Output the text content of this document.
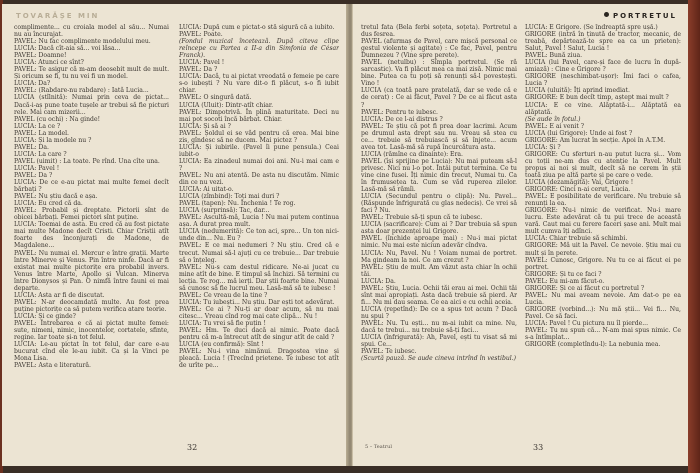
TOVARĂȘE MIN

complimente... cu croiala model al său... Numai nu au încurajat.

PAVEL: Nu fac complimente modelului meu.

LUCIA: Dacă cît-aia să... voi lăsa...

PAVEL: Doamne!

LUCIA: Atunci ce sînt?

PAVEL: Te asigur că m-am deosebit mult de mult. Și oricum se fi, tu nu vei fi un model.

LUCIA: Da?

PAVEL: (Rabdare-nu rabdare) : Iată Lucia...

LUCIA (stîlnită): Numai prin ceva de pictat... Dacă-i-aș pune toate tușele ar trebui să fie picturi rele. Mai cam mizerii...

PAVEL (cu ochi) : Na ginde!

LUCIA: La ce ?

PAVEL: La model.

LUCIA: Și la modele nu ?

PAVEL: Da.

LUCIA: La care ?

PAVEL (uimit) : La toate. Pe rînd. Una cîte una.

LUCIA: Pavel !

PAVEL: Da ?

LUCIA: De ce e-au pictat mai multe femei decît bărbați ?

PAVEL: Nu știu dacă e așa.

LUCIA: Eu cred că da.

PAVEL: Probabil și dreptate. Pictorii sînt de obicei bărbați. Femei pictori sînt puține.

LUCIA: Toemai de asta. Eu cred că au fost pictate mai multe Madone decît Cristi. Chiar Cristii atît foarte des înconjurați de Madone, de Magdalene...

PAVEL: Nu numai el. Mercur e între grații. Marte între Minerve și Venus. Pin între ninfe. Dacă ar fi existat mai multe pictorițe era probabil invers. Venus între Marte, Apollo și Vulcan. Minerva între Dionysos și Pan. O nimfă între fauni ei mai departe.

LUCIA: Asta ar fi de discutat.

PAVEL: N-ar deocamdată multe. Au fost prea puține pictorițe ca să putem verifica atare teorie.

LUCIA: Și ce ginde?

PAVEL: Întrebarea e că ai pictat multe femei: sute, nimeni, nimic, inocentelor, cortatele, sfinte, regine. Iar toate și-n tot felul.

LUCIA: Le-au pictat în tot felul, dar care e-au bucurat cînd ele le-au iubit. Ca și la Vinci pe Mona Lisa.

PAVEL: Asta e literatură.

LUCIA: După cum e pictat-o stă sigură că a iubito.

PAVEL: Poate.

(Fondul muzical încetează. După citeva clipe reîncepe cu Partea a II-a din Simfonia de César Franck).

LUCIA: Pavel !

PAVEL: Da ?

LUCIA: Dacă, tu ai pictat vreodată o femeie pe care s-o iubești ? Nu vare dit-o fi plăcut, s-o fi iubit chiar.

PAVEL: O singură dată.

LUCIA (Uluit): Dintr-atît chiar.

PAVEL: Dimpotrivă. În plină maturitate. Deci nu mai pot socoti încă bărbat. Chiar.

LUCIA: Și să ai ?

PAVEL: Șoldul ei se văd pentru că erea. Mai bine zis, gîndesc să ne ducem. Mai pictez ?

LUCIA: Și iubirile. (Pavel îi pune pensula.) Ceai iubit-o

LUCIA: Ea zinadeul numai doi ani. Nu-i mai cam e ?

PAVEL: Nu ani atentă. De asta nu discutăm. Nimic din ce nu vezi.

LUCIA: Ai uitat-o.

LUCIA (zîmbind): Toți mai duri ?

PAVEL (tapen): Nu. Închenia ! Te rog.

LUCIA (surprinsă): Tac, dar...

PAVEL: Ascultă-mă, Lucia ! Nu mai putem continua așa. A durat prea mult.

LUCIA (nedumerită): Ce ton aci, spre... Un ton nici-unde din... Nu. Eu ?

PAVEL: E ce mai nedumeri ? Nu știu. Cred că e trecut. Numai să-l ajuți cu ce trebuie... Dar trebuie să o înțeleg.

PAVEL: Nu-s cam destul ridicare. Ne-ai jucat cu mine atît de bine. E timpul să închizi. Să termini cu lecția. Te rog... mă ierți. Dar știi foarte bine. Numai să cunosc să fie lucrul meu. Lasă-mă să te iubesc !

PAVEL: Ce vreau de la tine ?

LUCIA: Tu iubești... Nu știu. Dar ești tot adevărat.

PAVEL: Ce ai ? Nu-ți ar doar acum, să nu mai citesc... Vreau cînd rog mai cate clipă... Nu !

LUCIA: Tu vrei să fie puțin !

PAVEL: Hm. Te duci dacă ai nimic. Poate dacă pentru că m-a întrecut atît de singur atît de cald ?

LUCIA (eu confirmă): Sînt !

PAVEL: Nu-i vina nimănui. Dragostea vine și pleacă. Lucia ! (Trecînd prietene. Te iubesc tot atît de urîte pe...

32
PORTRETUL

tretul fata (Bela ferbi soțeta, soțeta). Portretul a dus fesrea.

PAVEL (afurmaș de Pavel, care mișcă personal ce gestul violente și agitate) : Ce fac, Pavel, pentru Dumnezeu ? (Vine spre perete).

PAVEL (netulbu) : Sîmpla portretul. (Se ră sarcastic). Va fi plăcut mea ca mai zisă. Nimic mai bine. Putea ca tu poți să renunți să-l povestești. Vino !

LUCIA (ca toată pare pratelată, dar se vede că e de cerat) : Ce ai făcut, Pavel ? De ce ai făcut asta ?

PAVEL: Pentru te iubesc.

LUCIA: De ce l-ai distrus ?

PAVEL: Te știu că pot fi prea doar lacrimi. Acum pe drumul asta drept sau nu. Vreau să stea cu ce... trebuie să trebuiască și să înjete... acum avea tot. Lasă-mă să rupă încurcătura asta.

LUCIA (rămîne ca dinainte): Era.

PAVEL (își sprijine pe Lucia): Nu mai puteam să-l privesc. Nici nu l-o pot. Întâi putut termina. Ce tu vine cine fusei. Îți nimic din trecut, Numai tu. Ca în frumusețea ta. Cum se văd ruperea zilelor. Lasă-mă să rămîi.

LUCIA (Secundul pentru o clipă): Nu. Pavel... (Răspunde înfrigurată cu glas nedecis). Ce vrei să faci ? Nu.

PAVEL: Trebuie să-ți spun că te iubesc.

LUCIA (sacrificare): Cum ai ? Dar trebuia să spun asta doar prezenței lui Grigore.

PAVEL (închide aproape mai) : Nu-i mai pictat nimic. Nu mai este niciun adevăr cîndva.

LUCIA: Nu, Pavel. Nu ! Voiam numai de portret. Ma gindeam la noi. Ce am crezut ?

PAVEL: Știu de mult. Am văzut asta chiar în ochii tăi.

LUCIA: Da.

PAVEL: Știu, Lucia. Ochii tăi erau ai mei. Ochii tăi sînt mai apropiați. Asta dacă trebuie să pierd. Ar fi... Nu mi dau seama. Ce ea aici e cu ochii aceia.

LUCIA (repetînd): De ce a spus tot acum ? Dacă nu spui ?

PAVEL: Nu. Tu ești... nu m-ai iubit ca mine. Nu, dacă te trebui... nu trebuie să-ți faci...

LUCIA (înfrigurată): Ah, Pavel, ești tu visat să mi spui. Ce...

PAVEL: Te iubesc.

(Scurtă pauză. Se aude cineva intrînd în vestibul.)

LUCIA: E Grigore. (Se îndreaptă spre ușă.)

GRIGORE (intră în ținută de tractor, mecanic, de treabă, depărtează-te spre ea ca un prieten): Salut, Pavel ! Salut, Lucia !

PAVEL: Bună ziua.

LUCIA (lui Pavel, care-și face de lucru în după-amiază) : Cine e Grigore ?

GRIGORE (neschimbat-ușor): Îmi faci o cafea, Lucia ?

LUCIA (uluită): Îți aprind imediat.

GRIGORE: E bun decît timp, aștept mai mult ?

LUCIA: E ce vine. Alăptată-i... Alăptată ea alăptată.

(Se aude în fotul.)

PAVEL: E ai venit ?

LUCIA (lui Grigore): Unde ai fost ?

GRIGORE: Am lucrat în secție. Apoi în A.T.M.

LUCIA: Și ?

GRIGORE: Cu sferturi n-au putut lucra și... Vom cu toții ne-am dus cu atenție la Pavel. Mult propus ai noi și mult, decît să ne cerem în știi toată ziua pe altă parte și pe care o vede.

LUCIA (dezamăgită): Vai, Grigore !

GRIGORE: Cinci n-ai cerut, Lucia.

PAVEL: E posibilitate de verificare. Nu trebuie să renunți la ea.

GRIGORE: Nu-i nimic de verificat. Nu-i mare lucru. Este adevărat că tu pui trece de această vară. Caut mai cu ferere faceri șase ani. Mult mai mult cumva îți adînci.

LUCIA: Chiar trebuie să schimbi.

GRIGORE: Mă uit la Pavel. Ce nevoie. Știu mai cu mult și în perete.

PAVEL: Cunosc, Grigore. Nu tu ce ai făcut ei pe portret.

GRIGORE: Și tu ce faci ?

PAVEL: Eu mi-am făcut-o.

GRIGORE: Și ce ai făcut cu portretul ?

PAVEL: Nu mai aveam nevoie. Am dat-o pe ea Lucia.

GRIGORE (vorbind...): Nu mă știi... Vei fi... Nu, Pavel. Ce să faci.

LUCIA: Pavel ! Cu pictura nu îl pierde...

PAVEL: Tu nu spun că... N-am mai spus nimic. Ce s-a întîmplat...

GRIGORE (completîndu-l): La nebunia mea.

5 – Teatrul	33
